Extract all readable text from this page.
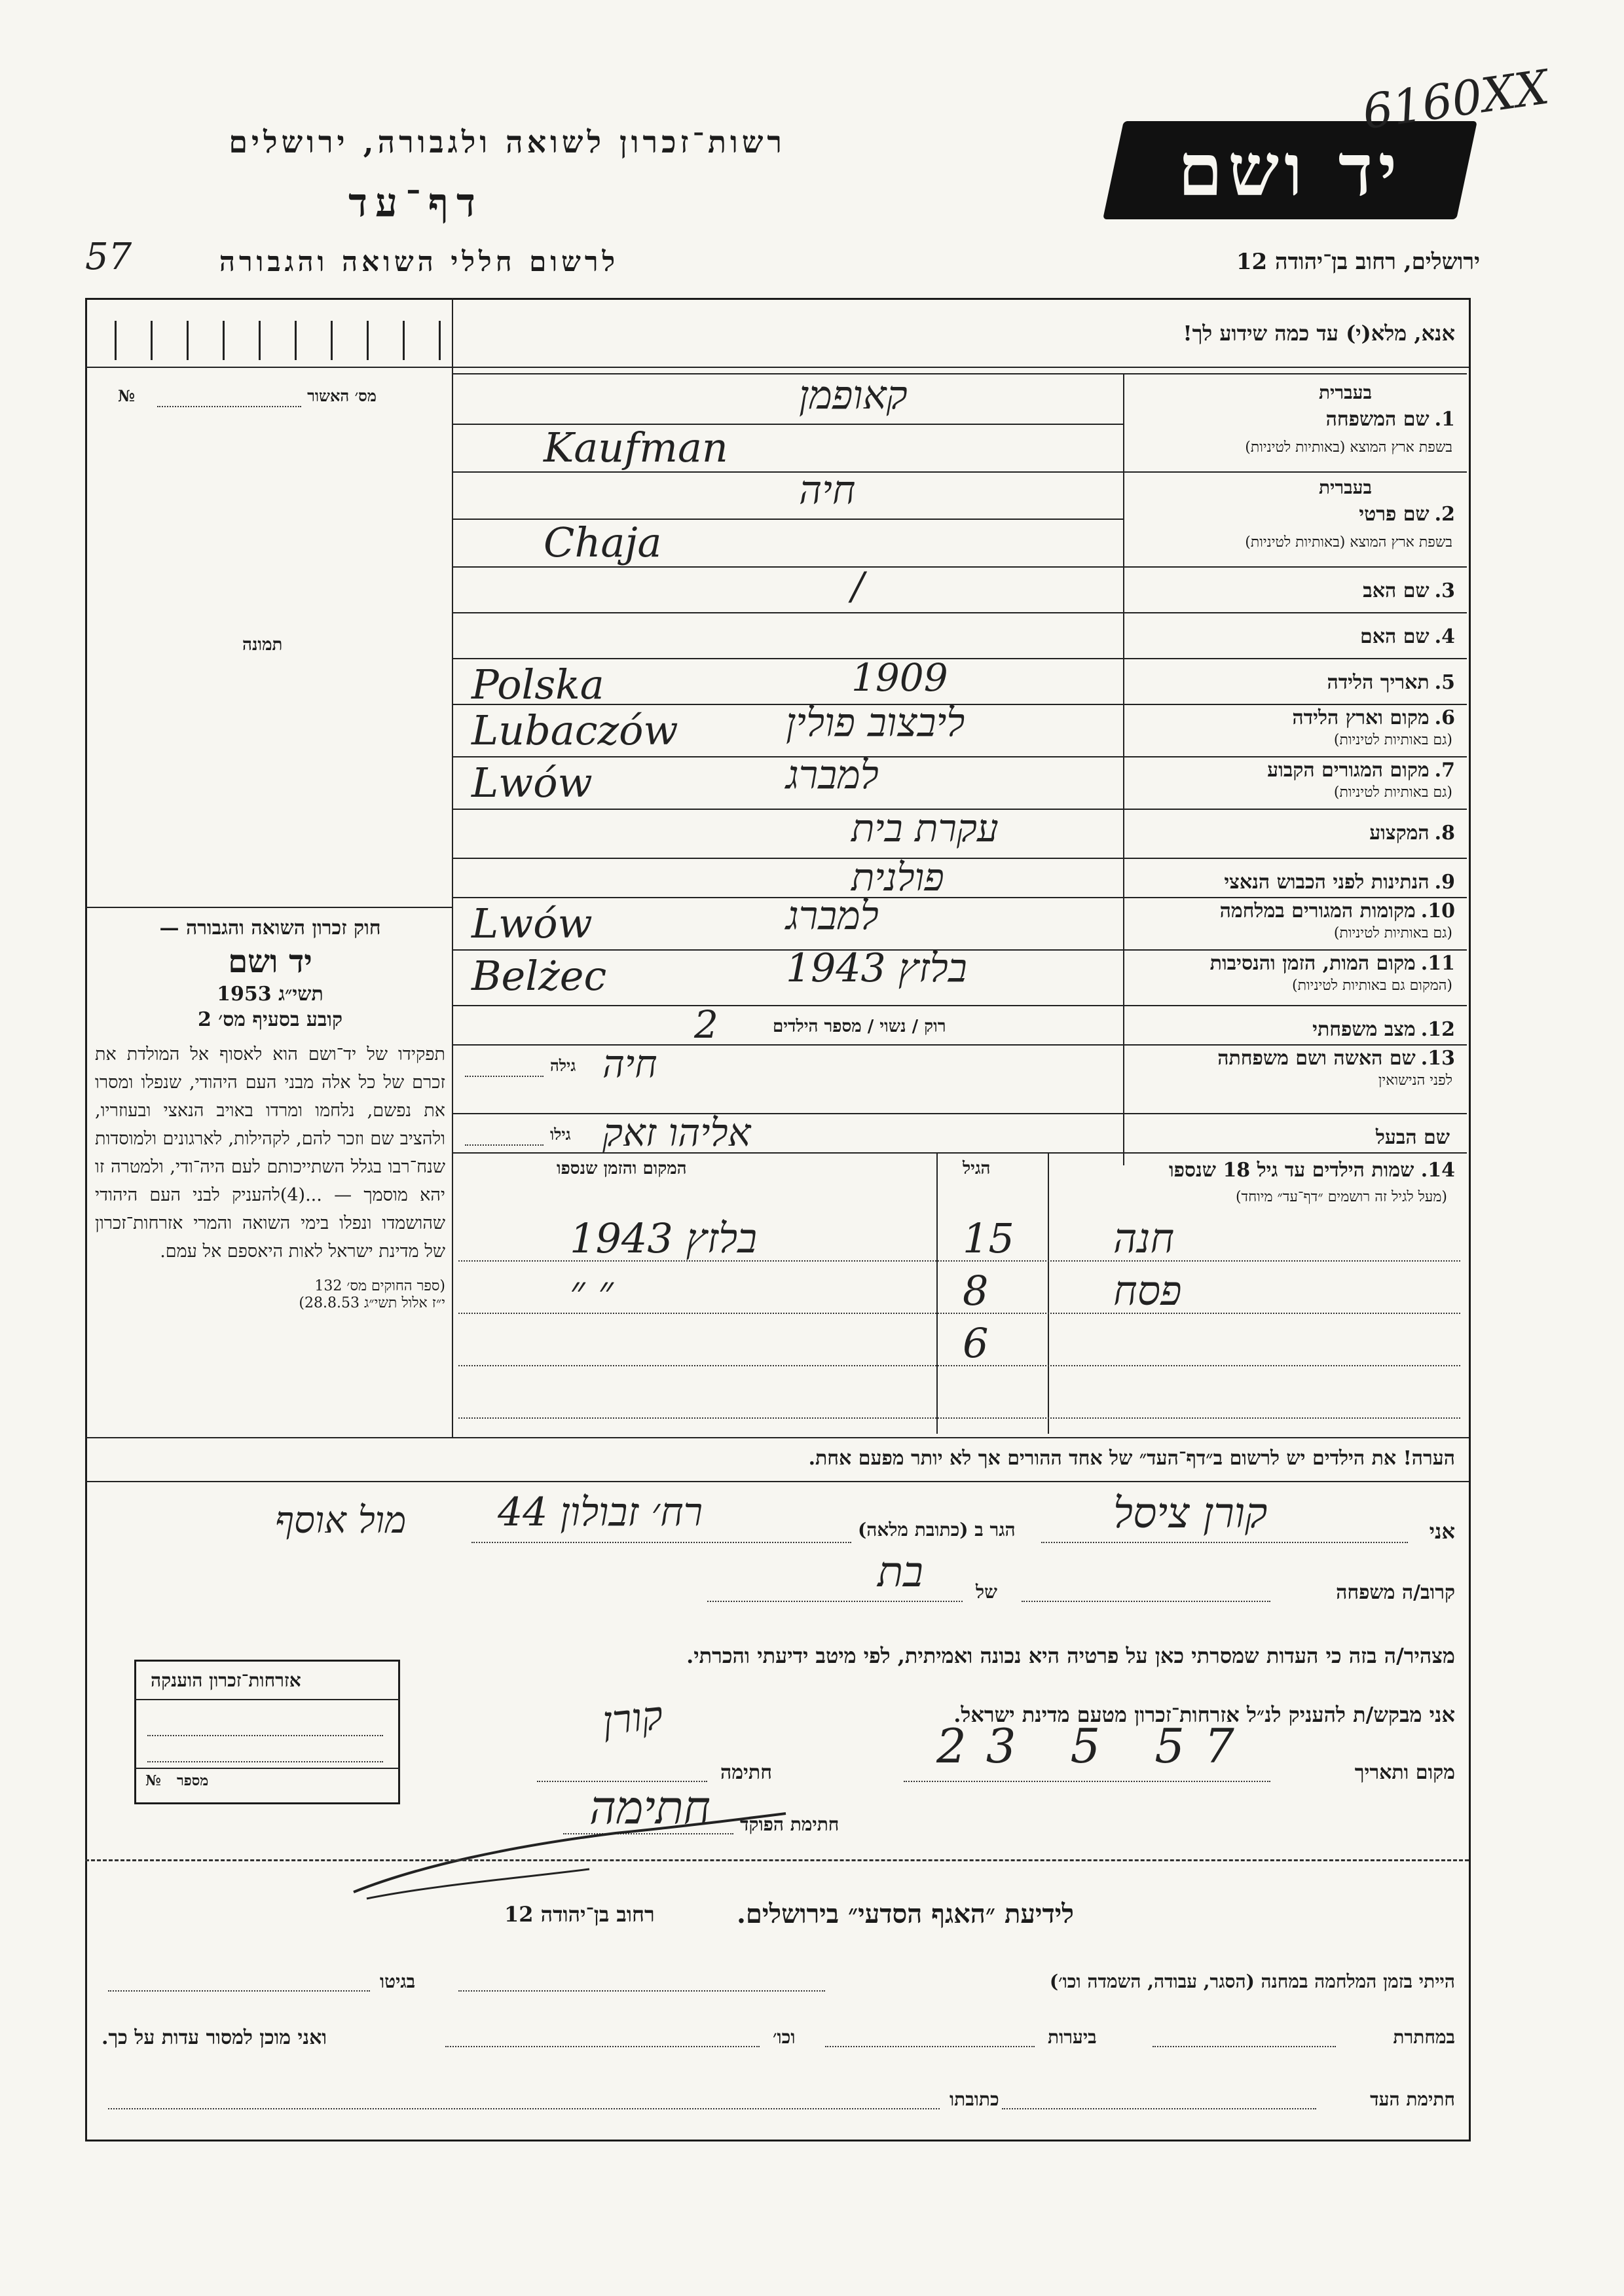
רשות־זכרון לשואה ולגבורה, ירושלים
דף־עד
לרשום חללי השואה והגבורה
57
יד ושם
6160XX
ירושלים, רחוב בן־יהודה 12
אנא, מלא(י) עד כמה שידוע לך!
מס׳ האשור
№
תמונה
1.שם המשפחה
בעברית
בשפת ארץ המוצא (באותיות לטיניות)
קאופמן
Kaufman
2.שם פרטי
בעברית
בשפת ארץ המוצא (באותיות לטיניות)
חיה
Chaja
3.שם האב
/
4.שם האם
5.תאריך הלידה
Polska	1909
6.מקום וארץ הלידה
(גם באותיות לטיניות)
ליבצוב פולין
Lubaczów
7.מקום המגורים הקבוע
(גם באותיות לטיניות)
למברג
Lwów
8.המקצוע
עקרת בית
9.הנתינות לפני הכבוש הנאצי
פולנית
10.מקומות המגורים במלחמה
(גם באותיות לטיניות)
למברג
Lwów
11.מקום המות, הזמן והנסיבות
(המקום גם באותיות לטיניות)
בלזץ 1943
Belżec
12.מצב משפחתי
רוק / נשוי / מספר הילדים
2
13.שם האשה ושם משפחתה
לפני הנישואין
גילה חיה
שם הבעל
גילו אליהו זאק
חוק זכרון השואה והגבורה —
יד ושם
תשי״ג 1953
קובע בסעיף מס׳ 2
תפקידו של יד־ושם הוא לאסוף אל המולדת את זכרם של כל אלה מבני העם היהודי, שנפלו ומסרו את נפשם, נלחמו ומרדו באויב הנאצי ובעוזריו, ולהציב שם וזכר להם, לקהילות, לארגונים ולמוסדות שנח־רבו בגלל השתייכותם לעם היה־ודי, ולמטרה זו יהא מוסמך — ...(4)להעניק לבני העם היהודי שהושמדו ונפלו בימי השואה והמרי אזרחות־זכרון של מדינת ישראל לאות היאספם אל עמם.
(ספר החוקים מס׳ 132
י״ז אלול תשי״ג 28.8.53)
14. שמות הילדים עד גיל 18 שנספו
(מעל לגיל זה רושמים ״דף־עד״ מיוחד)
הגיל
המקום והזמן שנספו
חנה
15
בלזץ 1943
פסח
8
״ ״
6
הערה! את הילדים יש לרשום ב״דף־העד״ של אחד ההורים אך לא יותר מפעם אחת.
אני
קורן ציסל
הגר ב (כתובת מלאה)
רח׳ זבולון 44
מול אוסף
קרוב/ה משפחה
של
בת
מצהיר/ה בזה כי העדות שמסרתי כאן על פרטיה היא נכונה ואמיתית, לפי מיטב ידיעתי והכרתי.
אני מבקש/ת להעניק לנ״ל אזרחות־זכרון מטעם מדינת ישראל.
מקום ותאריך
23 5 57
חתימה
קורן
חתימת הפוקד
חתימה
אזרחות־זכרון הוענקה
מספר
№
לידיעת ״האגף הסדעי״ בירושלים.
רחוב בן־יהודה 12
הייתי בזמן המלחמה במחנה (הסגר, עבודה, השמדה וכו׳)
בגיטו
במחתרת
ביערות
וכו׳
ואני מוכן למסור עדות על כך.
חתימת העד
כתובתו
